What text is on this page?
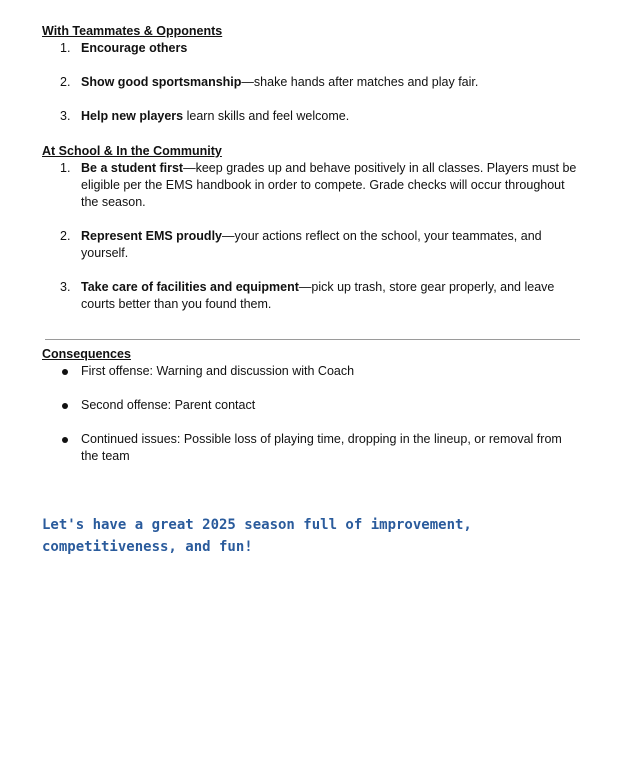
With Teammates & Opponents
1. Encourage others
2. Show good sportsmanship—shake hands after matches and play fair.
3. Help new players learn skills and feel welcome.
At School & In the Community
1. Be a student first—keep grades up and behave positively in all classes. Players must be eligible per the EMS handbook in order to compete. Grade checks will occur throughout the season.
2. Represent EMS proudly—your actions reflect on the school, your teammates, and yourself.
3. Take care of facilities and equipment—pick up trash, store gear properly, and leave courts better than you found them.
Consequences
First offense: Warning and discussion with Coach
Second offense: Parent contact
Continued issues: Possible loss of playing time, dropping in the lineup, or removal from the team
Let's have a great 2025 season full of improvement, competitiveness, and fun!
